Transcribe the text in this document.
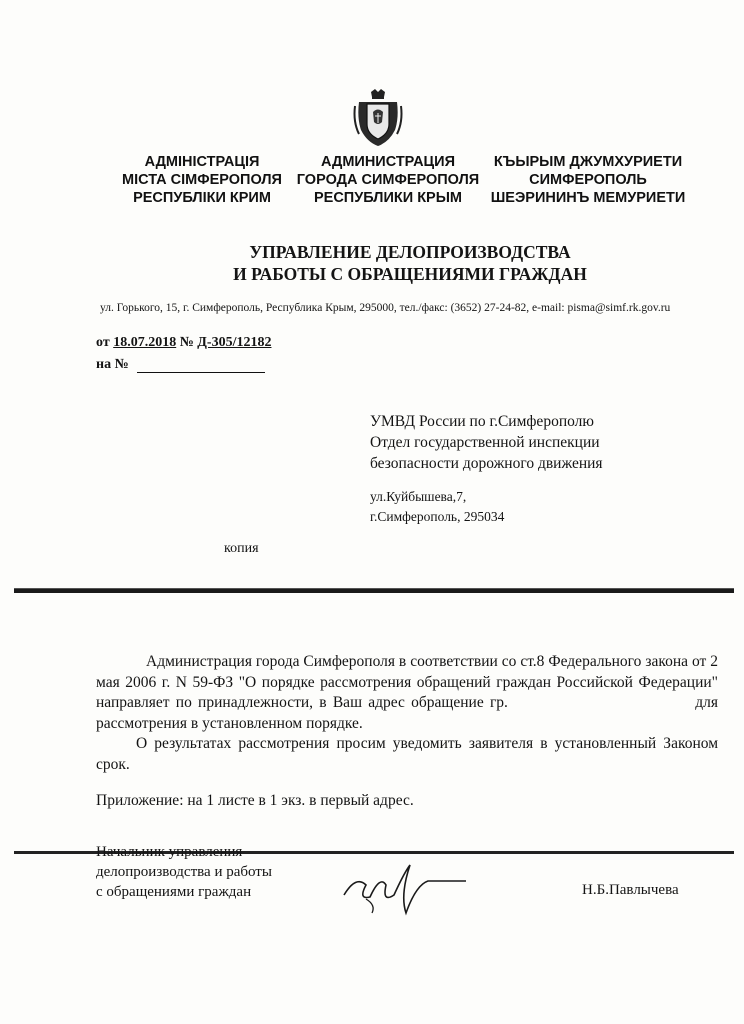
АДМІНІСТРАЦІЯ
МІСТА СІМФЕРОПОЛЯ
РЕСПУБЛІКИ КРИМ
АДМИНИСТРАЦИЯ
ГОРОДА СИМФЕРОПОЛЯ
РЕСПУБЛИКИ КРЫМ
КЪЫРЫМ ДЖУМХУРИЕТИ
СИМФЕРОПОЛЬ
ШЕЭРИНИНЪ МЕМУРИЕТИ
УПРАВЛЕНИЕ ДЕЛОПРОИЗВОДСТВА
И РАБОТЫ С ОБРАЩЕНИЯМИ ГРАЖДАН
ул. Горького, 15, г. Симферополь, Республика Крым, 295000, тел./факс: (3652) 27-24-82, e-mail: pisma@simf.rk.gov.ru
от 18.07.2018 № Д-305/12182
на №
УМВД России по г.Симферополю
Отдел государственной инспекции
безопасности дорожного движения
ул.Куйбышева,7,
г.Симферополь, 295034
копия
Администрация города Симферополя в соответствии со ст.8 Федерального закона от 2 мая 2006 г. N 59-ФЗ "О порядке рассмотрения обращений граждан Российской Федерации" направляет по принадлежности, в Ваш адрес обращение гр.                              для рассмотрения в установленном порядке.
О результатах рассмотрения просим уведомить заявителя в установленный Законом срок.
Приложение: на 1 листе в 1 экз. в первый адрес.
Начальник управления
делопроизводства и работы
с обращениями граждан	Н.Б.Павлычева
